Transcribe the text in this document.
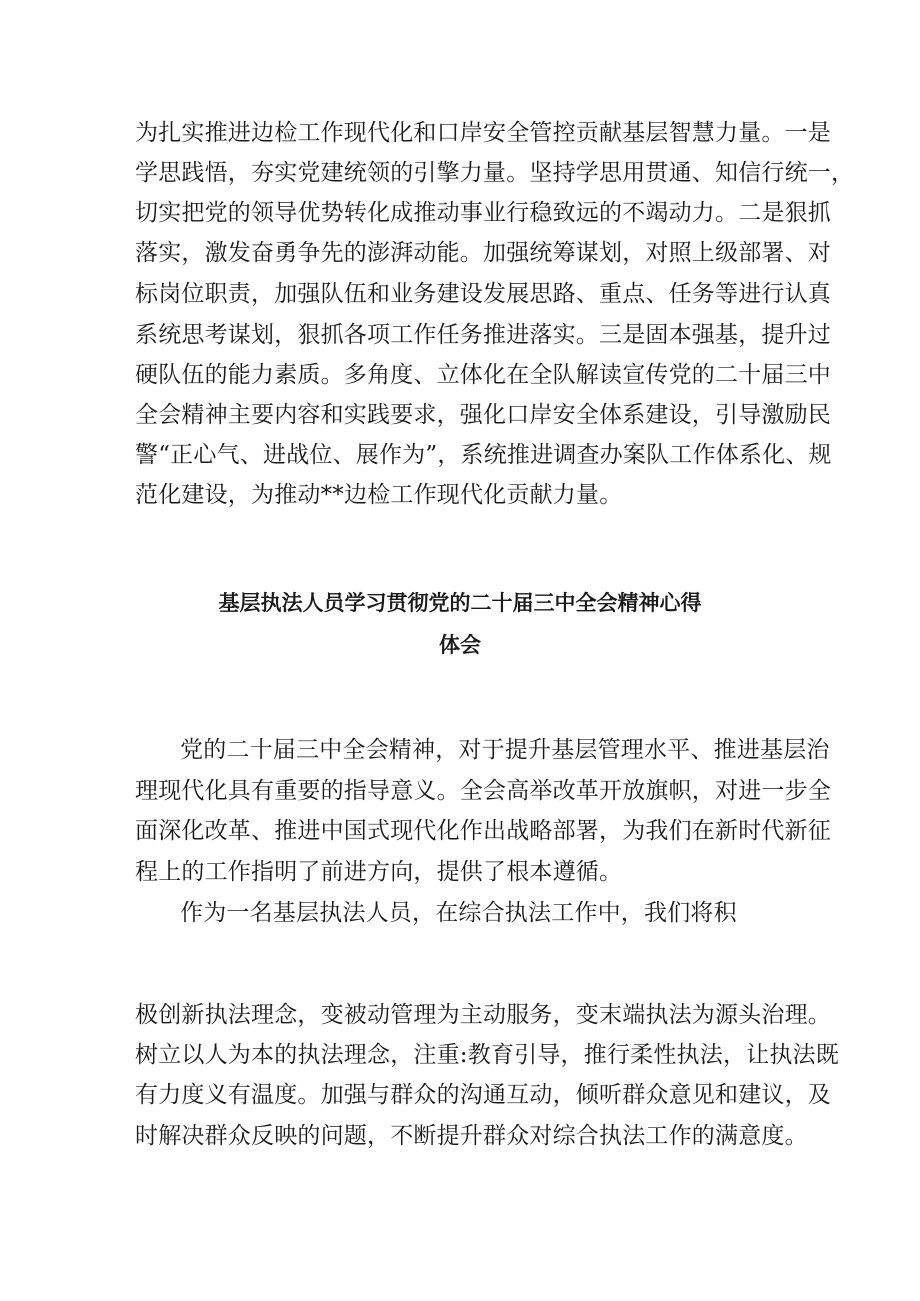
为扎实推进边检工作现代化和口岸安全管控贡献基层智慧力量。一是
学思践悟，夯实党建统领的引擎力量。坚持学思用贯通、知信行统一，
切实把党的领导优势转化成推动事业行稳致远的不竭动力。二是狠抓
落实，激发奋勇争先的澎湃动能。加强统筹谋划，对照上级部署、对
标岗位职责，加强队伍和业务建设发展思路、重点、任务等进行认真
系统思考谋划，狠抓各项工作任务推进落实。三是固本强基，提升过
硬队伍的能力素质。多角度、立体化在全队解读宣传党的二十届三中
全会精神主要内容和实践要求，强化口岸安全体系建设，引导激励民
警“正心气、进战位、展作为”，系统推进调查办案队工作体系化、规
范化建设，为推动**边检工作现代化贡献力量。
基层执法人员学习贯彻党的二十届三中全会精神心得
体会
党的二十届三中全会精神，对于提升基层管理水平、推进基层治
理现代化具有重要的指导意义。全会高举改革开放旗帜，对进一步全
面深化改革、推进中国式现代化作出战略部署，为我们在新时代新征
程上的工作指明了前进方向，提供了根本遵循。
作为一名基层执法人员，在综合执法工作中，我们将积
极创新执法理念，变被动管理为主动服务，变末端执法为源头治理。
树立以人为本的执法理念，注重:教育引导，推行柔性执法，让执法既
有力度义有温度。加强与群众的沟通互动，倾听群众意见和建议，及
时解决群众反映的问题，不断提升群众对综合执法工作的满意度。
